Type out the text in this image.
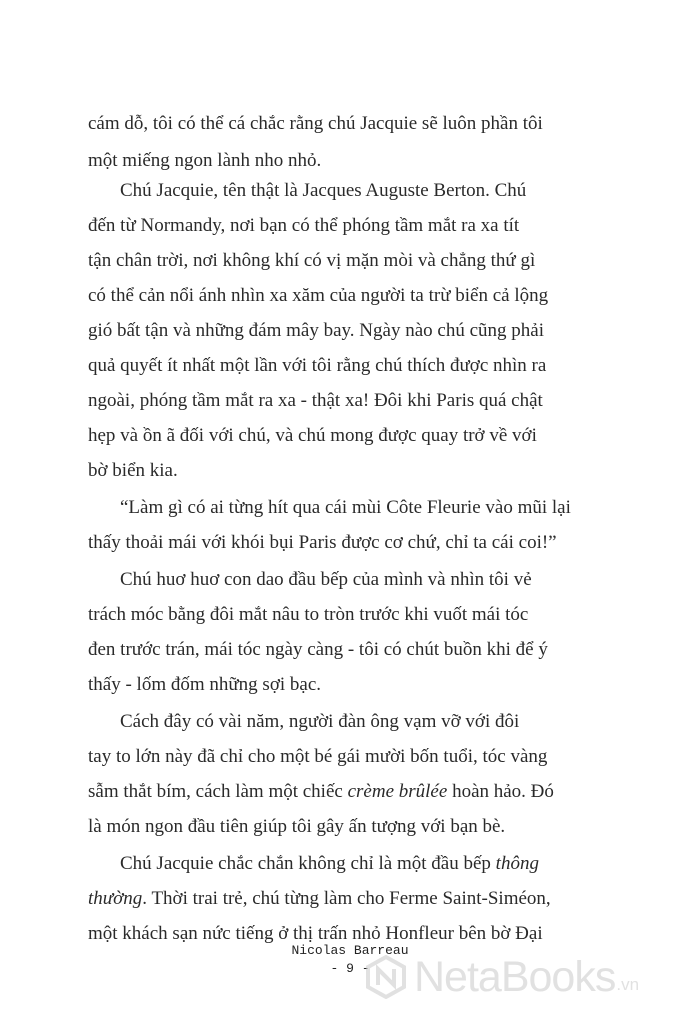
cám dỗ, tôi có thể cá chắc rằng chú Jacquie sẽ luôn phần tôi
một miếng ngon lành nho nhỏ.
Chú Jacquie, tên thật là Jacques Auguste Berton. Chú
đến từ Normandy, nơi bạn có thể phóng tầm mắt ra xa tít
tận chân trời, nơi không khí có vị mặn mòi và chẳng thứ gì
có thể cản nổi ánh nhìn xa xăm của người ta trừ biển cả lộng
gió bất tận và những đám mây bay. Ngày nào chú cũng phải
quả quyết ít nhất một lần với tôi rằng chú thích được nhìn ra
ngoài, phóng tầm mắt ra xa - thật xa! Đôi khi Paris quá chật
hẹp và ồn ã đối với chú, và chú mong được quay trở về với
bờ biển kia.
“Làm gì có ai từng hít qua cái mùi Côte Fleurie vào mũi lại
thấy thoải mái với khói bụi Paris được cơ chứ, chỉ ta cái coi!”
Chú huơ huơ con dao đầu bếp của mình và nhìn tôi vẻ
trách móc bằng đôi mắt nâu to tròn trước khi vuốt mái tóc
đen trước trán, mái tóc ngày càng - tôi có chút buồn khi để ý
thấy - lốm đốm những sợi bạc.
Cách đây có vài năm, người đàn ông vạm vỡ với đôi
tay to lớn này đã chỉ cho một bé gái mười bốn tuổi, tóc vàng
sẫm thắt bím, cách làm một chiếc crème brûlée hoàn hảo. Đó
là món ngon đầu tiên giúp tôi gây ấn tượng với bạn bè.
Chú Jacquie chắc chắn không chỉ là một đầu bếp thông
thường. Thời trai trẻ, chú từng làm cho Ferme Saint-Siméon,
một khách sạn nức tiếng ở thị trấn nhỏ Honfleur bên bờ Đại
Nicolas Barreau
- 9 -	NetaBooks .vn
